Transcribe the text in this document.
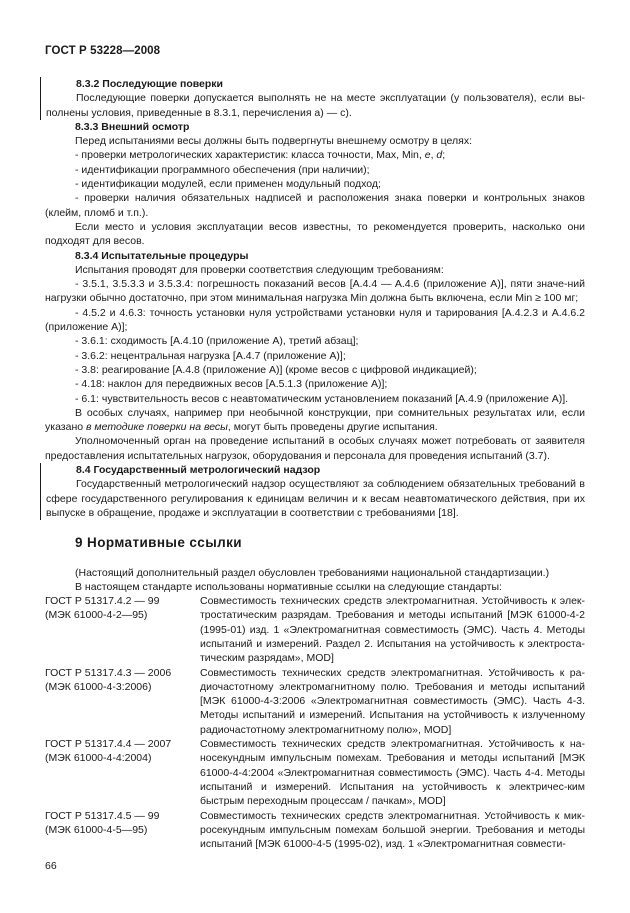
ГОСТ Р 53228—2008

8.3.2 Последующие поверки

Последующие поверки допускается выполнять не на месте эксплуатации (у пользователя), если вы-полнены условия, приведенные в 8.3.1, перечисления a) — c).

8.3.3 Внешний осмотр

Перед испытаниями весы должны быть подвергнуты внешнему осмотру в целях:

- проверки метрологических характеристик: класса точности, Max, Min, e, d;

- идентификации программного обеспечения (при наличии);

- идентификации модулей, если применен модульный подход;

- проверки наличия обязательных надписей и расположения знака поверки и контрольных знаков (клейм, пломб и т.п.).

Если место и условия эксплуатации весов известны, то рекомендуется проверить, насколько они подходят для весов.

8.3.4 Испытательные процедуры

Испытания проводят для проверки соответствия следующим требованиям:

- 3.5.1, 3.5.3.3 и 3.5.3.4: погрешность показаний весов [A.4.4 — A.4.6 (приложение А)], пяти значе-ний нагрузки обычно достаточно, при этом минимальная нагрузка Min должна быть включена, если Min ≥ 100 мг;

- 4.5.2 и 4.6.3: точность установки нуля устройствами установки нуля и тарирования [A.4.2.3 и A.4.6.2 (приложение А)];

- 3.6.1: сходимость [A.4.10 (приложение А), третий абзац];

- 3.6.2: нецентральная нагрузка [A.4.7 (приложение А)];

- 3.8: реагирование [A.4.8 (приложение А)] (кроме весов с цифровой индикацией);

- 4.18: наклон для передвижных весов [A.5.1.3 (приложение А)];

- 6.1: чувствительность весов с неавтоматическим установлением показаний [A.4.9 (приложение А)].

В особых случаях, например при необычной конструкции, при сомнительных результатах или, если указано в методике поверки на весы, могут быть проведены другие испытания.

Уполномоченный орган на проведение испытаний в особых случаях может потребовать от заявителя предоставления испытательных нагрузок, оборудования и персонала для проведения испытаний (3.7).

8.4 Государственный метрологический надзор

Государственный метрологический надзор осуществляют за соблюдением обязательных требований в сфере государственного регулирования к единицам величин и к весам неавтоматического действия, при их выпуске в обращение, продаже и эксплуатации в соответствии с требованиями [18].

9 Нормативные ссылки

(Настоящий дополнительный раздел обусловлен требованиями национальной стандартизации.)

В настоящем стандарте использованы нормативные ссылки на следующие стандарты:

ГОСТ Р 51317.4.2 — 99
(МЭК 61000-4-2—95)
Совместимость технических средств электромагнитная. Устойчивость к элек-тростатическим разрядам. Требования и методы испытаний [МЭК 61000-4-2 (1995-01) изд. 1 «Электромагнитная совместимость (ЭМС). Часть 4. Методы испытаний и измерений. Раздел 2. Испытания на устойчивость к электроста-тическим разрядам», MOD]
ГОСТ Р 51317.4.3 — 2006
(МЭК 61000-4-3:2006)
Совместимость технических средств электромагнитная. Устойчивость к ра-диочастотному электромагнитному полю. Требования и методы испытаний [МЭК 61000-4-3:2006 «Электромагнитная совместимость (ЭМС). Часть 4-3. Методы испытаний и измерений. Испытания на устойчивость к излученному радиочастотному электромагнитному полю», MOD]
ГОСТ Р 51317.4.4 — 2007
(МЭК 61000-4-4:2004)
Совместимость технических средств электромагнитная. Устойчивость к на-носекундным импульсным помехам. Требования и методы испытаний [МЭК 61000-4-4:2004 «Электромагнитная совместимость (ЭМС). Часть 4-4. Методы испытаний и измерений. Испытания на устойчивость к электричес-ким быстрым переходным процессам / пачкам», MOD]
ГОСТ Р 51317.4.5 — 99
(МЭК 61000-4-5—95)
Совместимость технических средств электромагнитная. Устойчивость к мик-росекундным импульсным помехам большой энергии. Требования и методы испытаний [МЭК 61000-4-5 (1995-02), изд. 1 «Электромагнитная совмести-
66
